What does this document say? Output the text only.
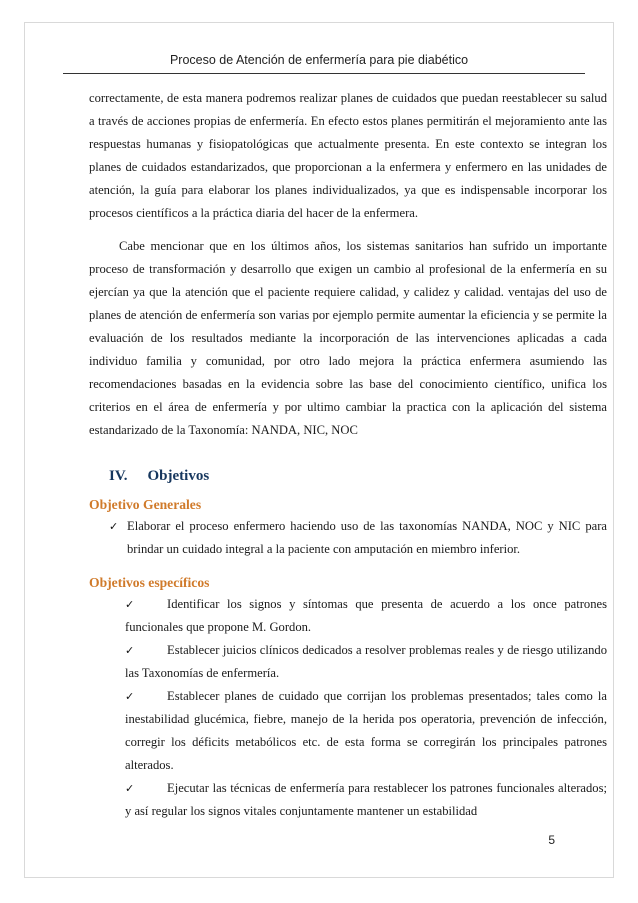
Proceso de Atención de enfermería para pie diabético

correctamente, de esta manera podremos realizar planes de cuidados que puedan reestablecer su salud a través de acciones propias de enfermería. En efecto estos planes permitirán el mejoramiento ante las respuestas humanas y fisiopatológicas que actualmente presenta. En este contexto se integran los planes de cuidados estandarizados, que proporcionan a la enfermera y enfermero en las unidades de atención, la guía para elaborar los planes individualizados, ya que es indispensable incorporar los procesos científicos a la práctica diaria del hacer de la enfermera.

Cabe mencionar que en los últimos años, los sistemas sanitarios han sufrido un importante proceso de transformación y desarrollo que exigen un cambio al profesional de la enfermería en su ejercían ya que la atención que el paciente requiere calidad, y calidez y calidad. ventajas del uso de planes de atención de enfermería son varias por ejemplo permite aumentar la eficiencia y se permite la evaluación de los resultados mediante la incorporación de las intervenciones aplicadas a cada individuo familia y comunidad, por otro lado mejora la práctica enfermera asumiendo las recomendaciones basadas en la evidencia sobre las base del conocimiento científico, unifica los criterios en el área de enfermería y por ultimo cambiar la practica con la aplicación del sistema estandarizado de la Taxonomía: NANDA, NIC, NOC

IV. Objetivos
Objetivo Generales
✓ Elaborar el proceso enfermero haciendo uso de las taxonomías NANDA, NOC y NIC para brindar un cuidado integral a la paciente con amputación en miembro inferior.
Objetivos específicos
✓	Identificar los signos y síntomas que presenta de acuerdo a los once patrones funcionales que propone M. Gordon.
✓	Establecer juicios clínicos dedicados a resolver problemas reales y de riesgo utilizando las Taxonomías de enfermería.
✓	Establecer planes de cuidado que corrijan los problemas presentados; tales como la inestabilidad glucémica, fiebre, manejo de la herida pos operatoria, prevención de infección, corregir los déficits metabólicos etc. de esta forma se corregirán los principales patrones alterados.
✓	Ejecutar las técnicas de enfermería para restablecer los patrones funcionales alterados; y así regular los signos vitales conjuntamente mantener un estabilidad
5
